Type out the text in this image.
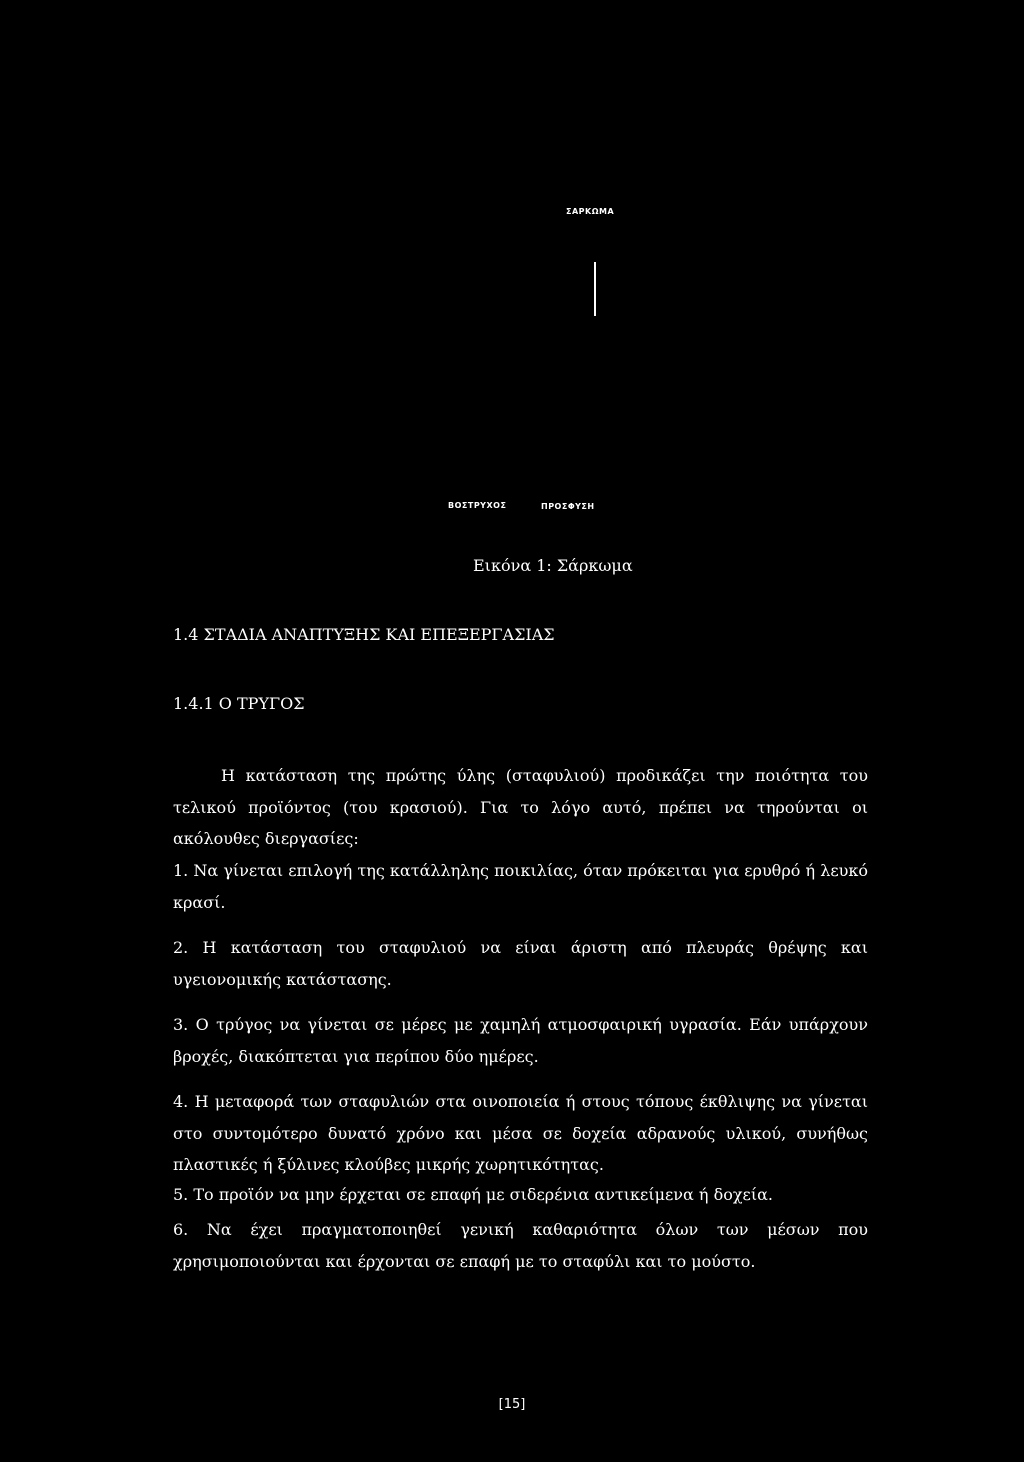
ΣΑΡΚΩΜΑ
ΒΟΣΤΡΥΧΟΣ	ΠΡΟΣΦΥΣΗ
Εικόνα 1: Σάρκωμα
1.4 ΣΤΑΔΙΑ ΑΝΑΠΤΥΞΗΣ ΚΑΙ ΕΠΕΞΕΡΓΑΣΙΑΣ
1.4.1 Ο ΤΡΥΓΟΣ
Η κατάσταση της πρώτης ύλης (σταφυλιού) προδικάζει την ποιότητα του τελικού προϊόντος (του κρασιού). Για το λόγο αυτό, πρέπει να τηρούνται οι ακόλουθες διεργασίες:
1. Να γίνεται επιλογή της κατάλληλης ποικιλίας, όταν πρόκειται για ερυθρό ή λευκό κρασί.
2. Η κατάσταση του σταφυλιού να είναι άριστη από πλευράς θρέψης και υγειονομικής κατάστασης.
3. Ο τρύγος να γίνεται σε μέρες με χαμηλή ατμοσφαιρική υγρασία. Εάν υπάρχουν βροχές, διακόπτεται για περίπου δύο ημέρες.
4. Η μεταφορά των σταφυλιών στα οινοποιεία ή στους τόπους έκθλιψης να γίνεται στο συντομότερο δυνατό χρόνο και μέσα σε δοχεία αδρανούς υλικού, συνήθως πλαστικές ή ξύλινες κλούβες μικρής χωρητικότητας.
5. Το προϊόν να μην έρχεται σε επαφή με σιδερένια αντικείμενα ή δοχεία.
6. Να έχει πραγματοποιηθεί γενική καθαριότητα όλων των μέσων που χρησιμοποιούνται και έρχονται σε επαφή με το σταφύλι και το μούστο.
[15]
